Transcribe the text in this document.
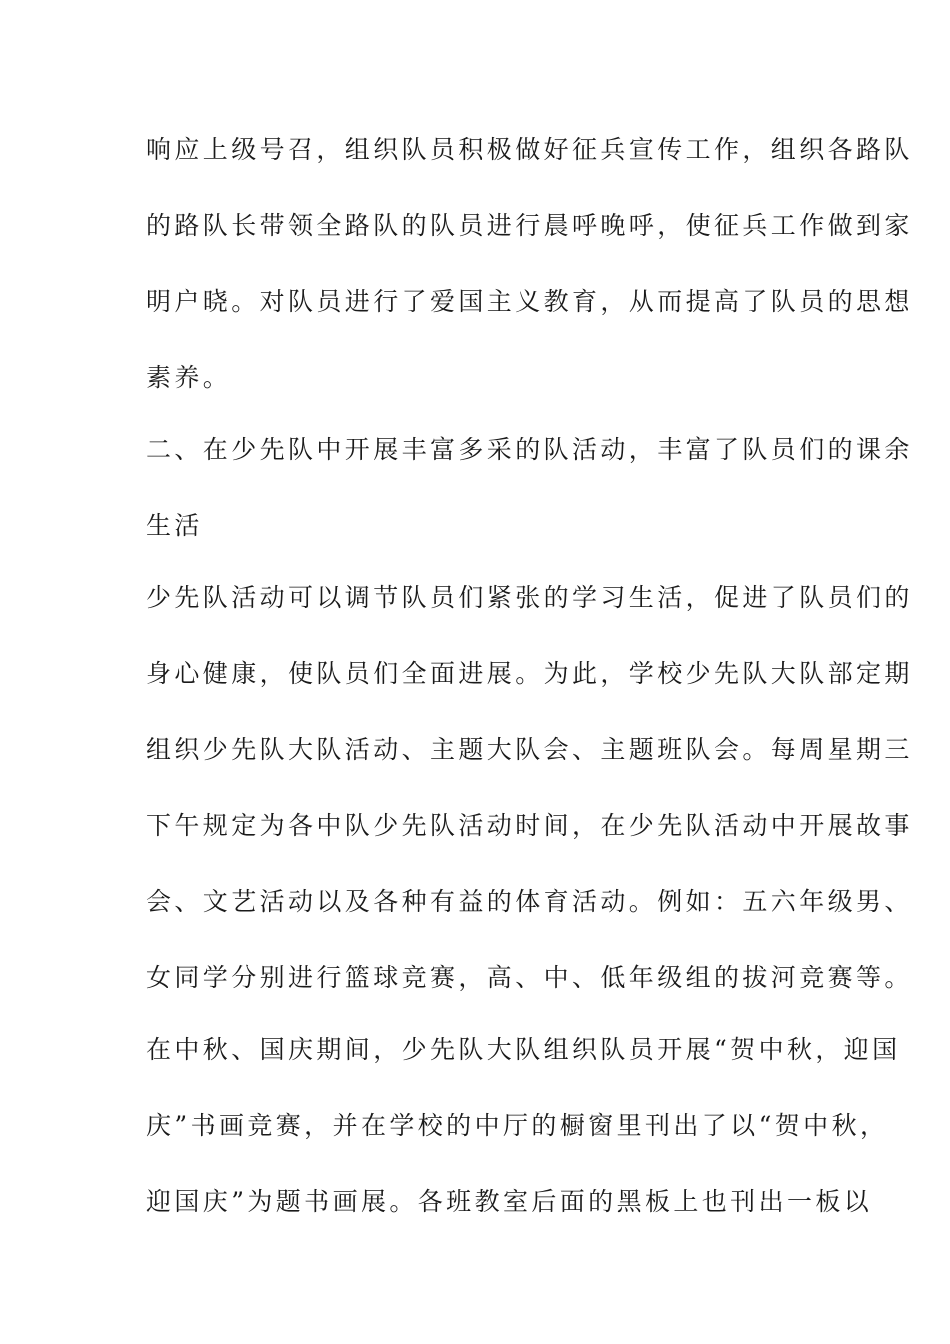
响应上级号召，组织队员积极做好征兵宣传工作，组织各路队
的路队长带领全路队的队员进行晨呼晚呼，使征兵工作做到家
明户晓。对队员进行了爱国主义教育，从而提高了队员的思想
素养。
二、在少先队中开展丰富多采的队活动，丰富了队员们的课余
生活
少先队活动可以调节队员们紧张的学习生活，促进了队员们的
身心健康，使队员们全面进展。为此，学校少先队大队部定期
组织少先队大队活动、主题大队会、主题班队会。每周星期三
下午规定为各中队少先队活动时间，在少先队活动中开展故事
会、文艺活动以及各种有益的体育活动。例如：五六年级男、
女同学分别进行篮球竞赛，高、中、低年级组的拔河竞赛等。
在中秋、国庆期间，少先队大队组织队员开展“贺中秋，迎国
庆”书画竞赛，并在学校的中厅的橱窗里刊出了以“贺中秋，
迎国庆”为题书画展。各班教室后面的黑板上也刊出一板以
